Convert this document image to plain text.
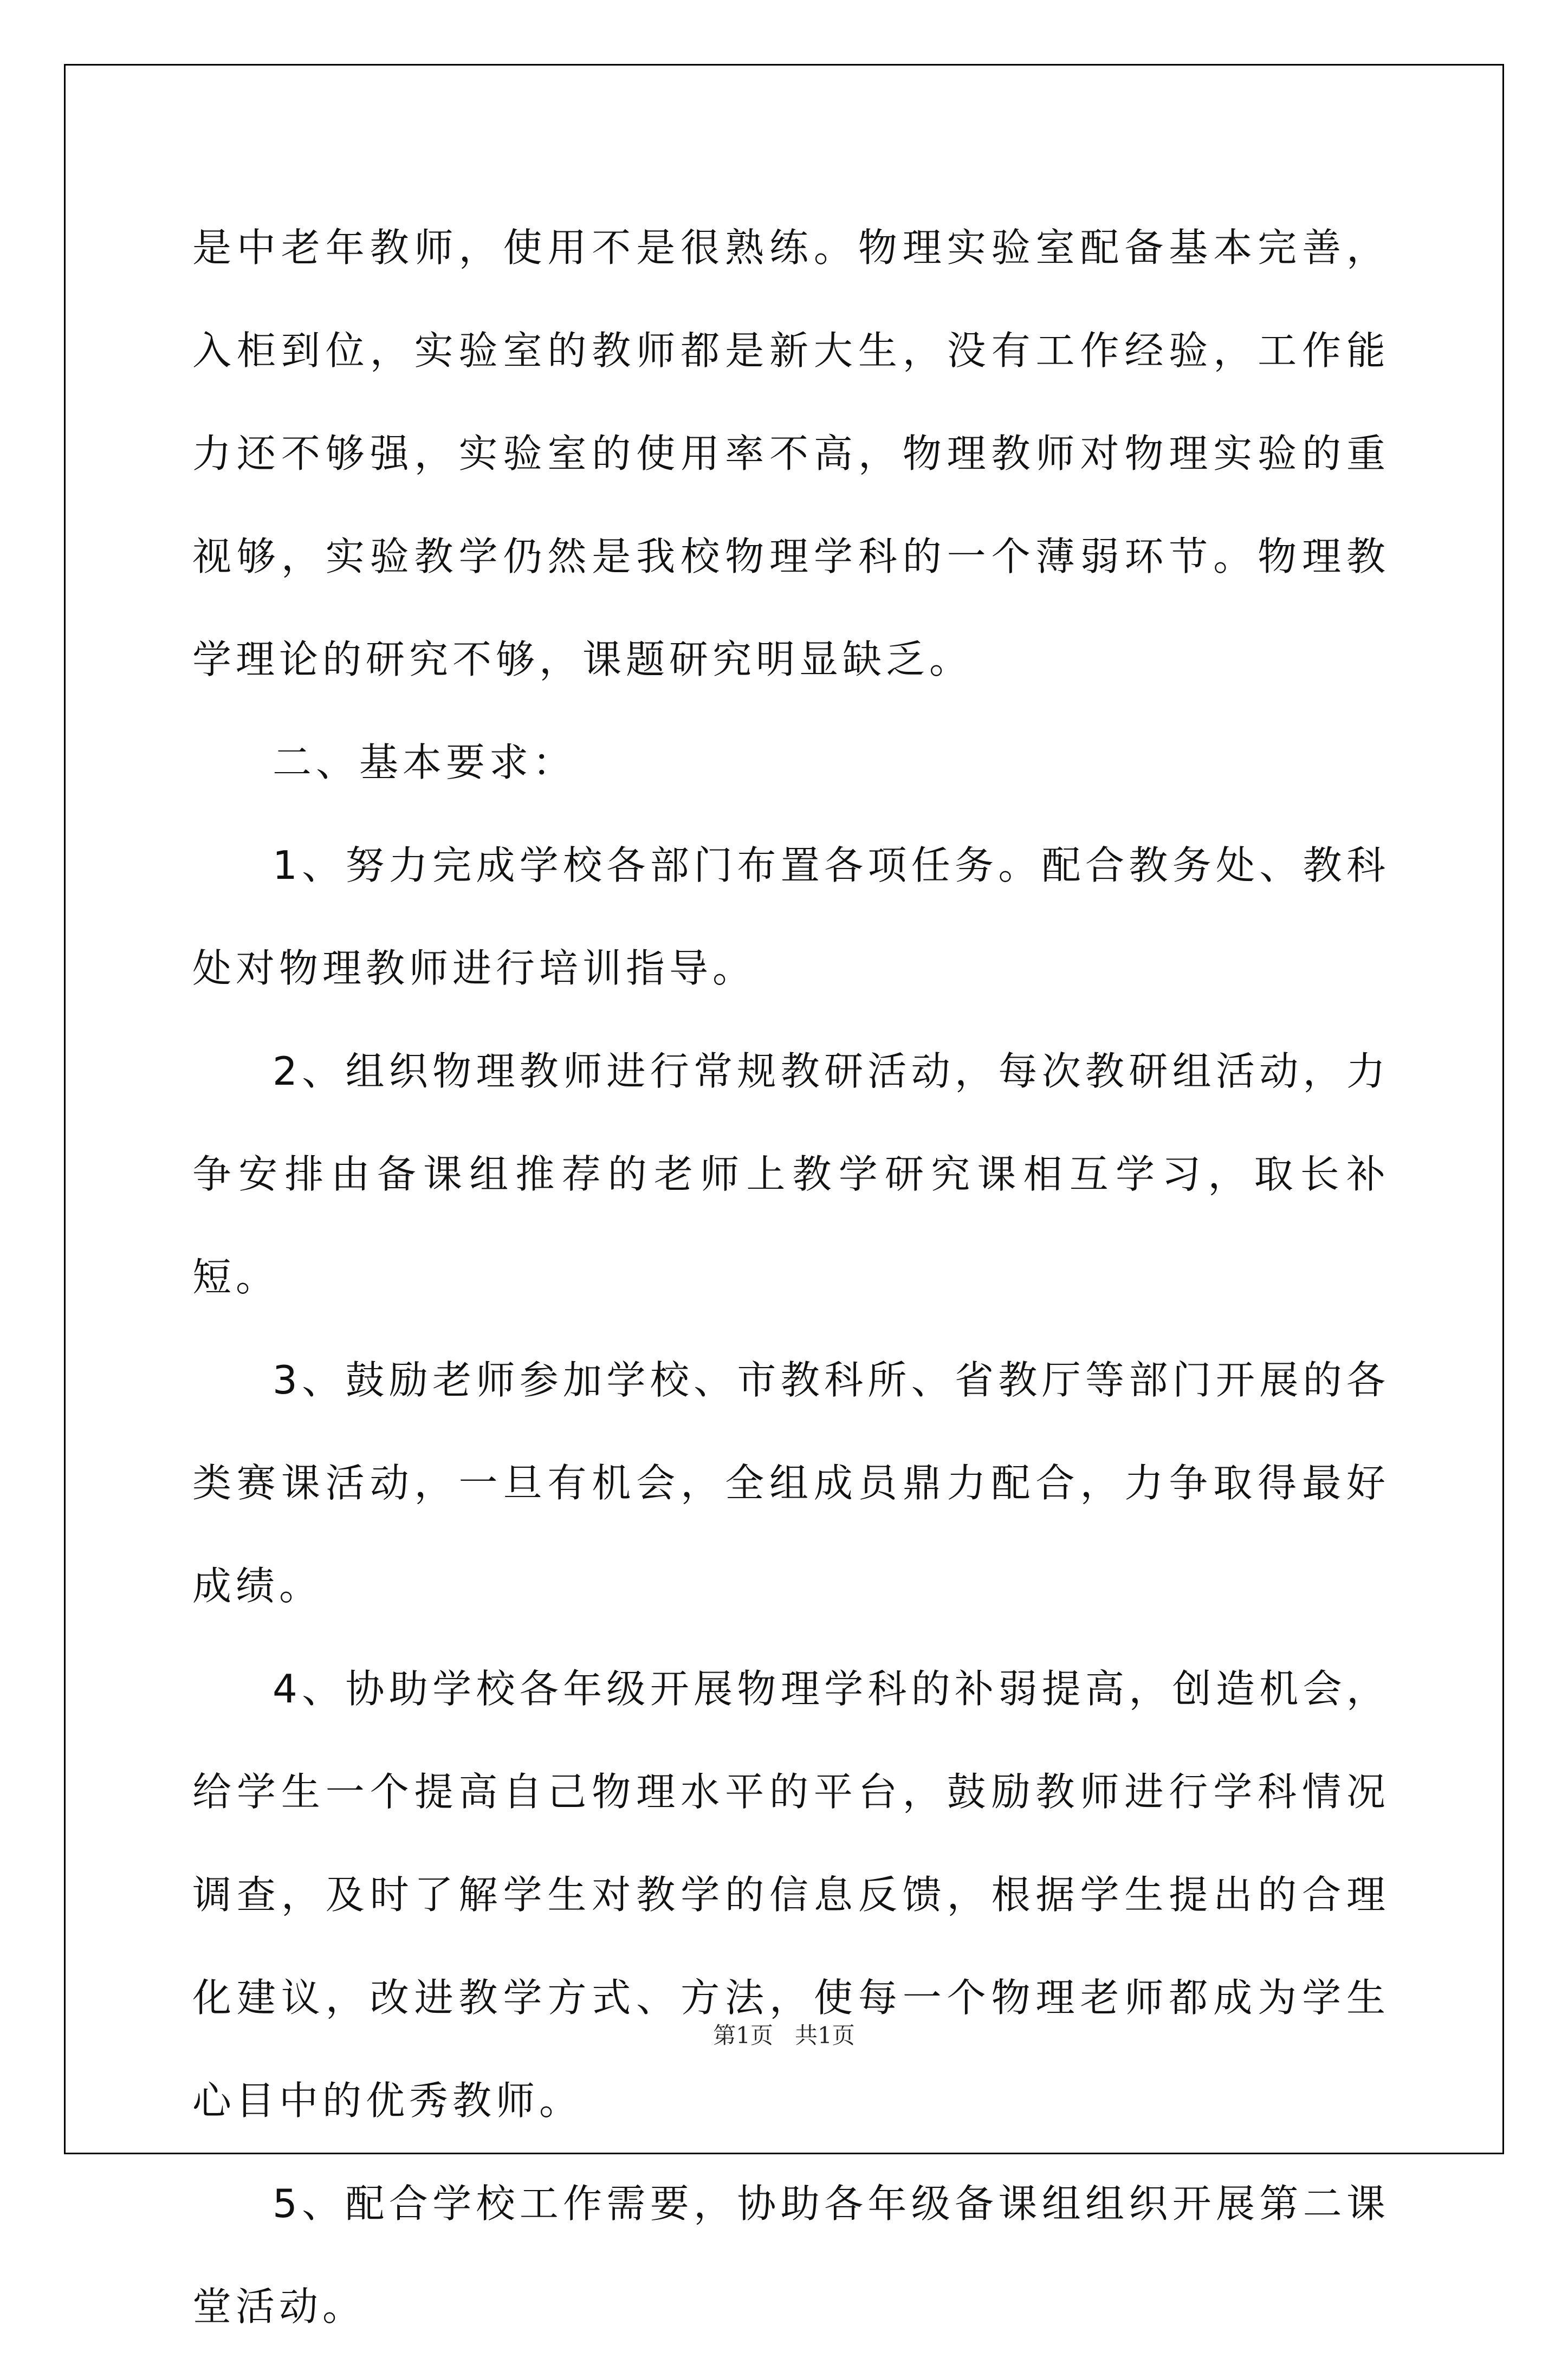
是中老年教师，使用不是很熟练。物理实验室配备基本完善，入柜到位，实验室的教师都是新大生，没有工作经验，工作能力还不够强，实验室的使用率不高，物理教师对物理实验的重视够，实验教学仍然是我校物理学科的一个薄弱环节。物理教学理论的研究不够，课题研究明显缺乏。

二、基本要求：

1、努力完成学校各部门布置各项任务。配合教务处、教科处对物理教师进行培训指导。

2、组织物理教师进行常规教研活动，每次教研组活动，力争安排由备课组推荐的老师上教学研究课相互学习，取长补短。

3、鼓励老师参加学校、市教科所、省教厅等部门开展的各类赛课活动，一旦有机会，全组成员鼎力配合，力争取得最好成绩。

4、协助学校各年级开展物理学科的补弱提高，创造机会，给学生一个提高自己物理水平的平台，鼓励教师进行学科情况调查，及时了解学生对教学的信息反馈，根据学生提出的合理化建议，改进教学方式、方法，使每一个物理老师都成为学生心目中的优秀教师。

5、配合学校工作需要，协助各年级备课组组织开展第二课堂活动。

第1页   共1页
